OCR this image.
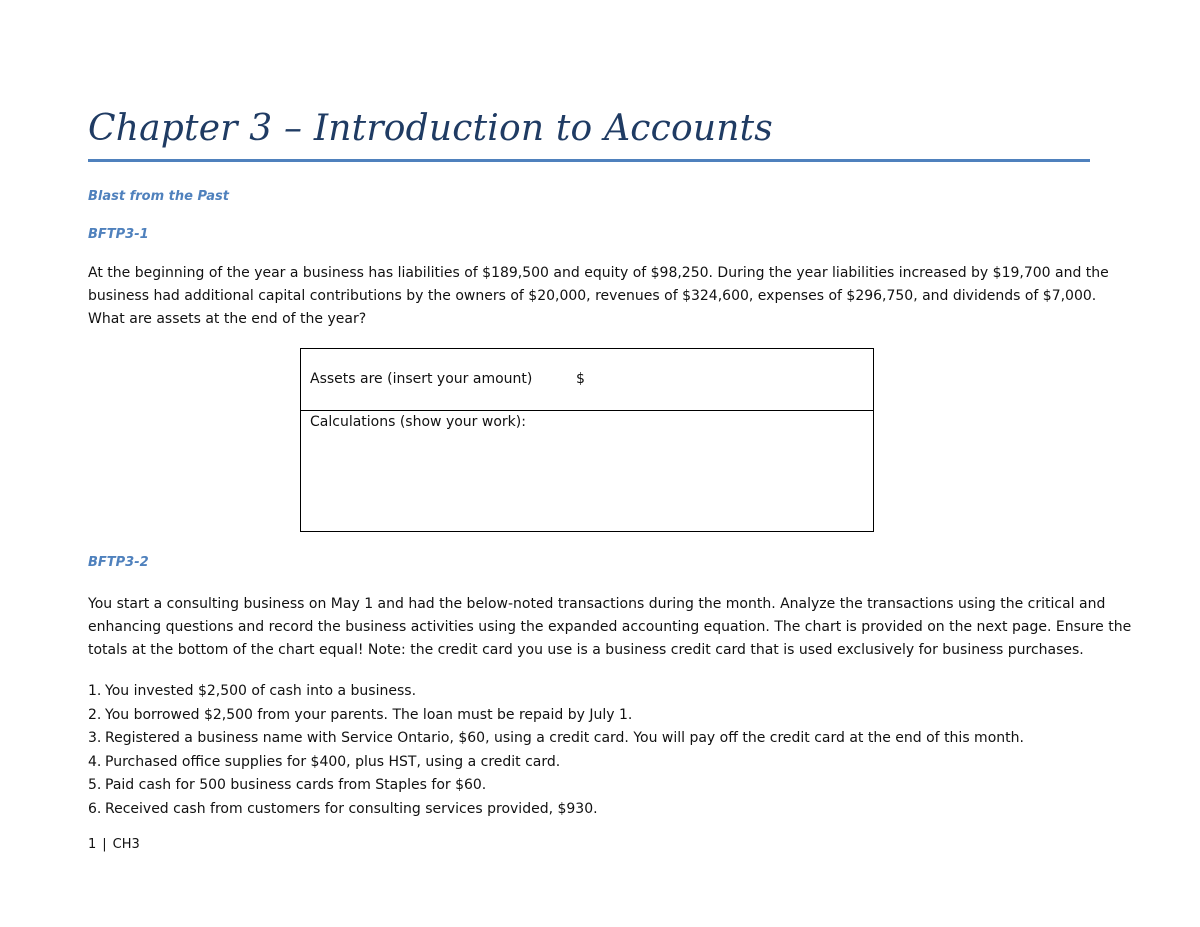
Chapter 3 – Introduction to Accounts
Blast from the Past
BFTP3-1
At the beginning of the year a business has liabilities of $189,500 and equity of $98,250. During the year liabilities increased by $19,700 and the
business had additional capital contributions by the owners of $20,000, revenues of $324,600, expenses of $296,750, and dividends of $7,000.
What are assets at the end of the year?
Assets are (insert your amount)	$
Calculations (show your work):
BFTP3-2
You start a consulting business on May 1 and had the below-noted transactions during the month. Analyze the transactions using the critical and
enhancing questions and record the business activities using the expanded accounting equation. The chart is provided on the next page. Ensure the
totals at the bottom of the chart equal! Note: the credit card you use is a business credit card that is used exclusively for business purchases.
1. You invested $2,500 of cash into a business.
2. You borrowed $2,500 from your parents. The loan must be repaid by July 1.
3. Registered a business name with Service Ontario, $60, using a credit card. You will pay off the credit card at the end of this month.
4. Purchased office supplies for $400, plus HST, using a credit card.
5. Paid cash for 500 business cards from Staples for $60.
6. Received cash from customers for consulting services provided, $930.
1 | CH3
